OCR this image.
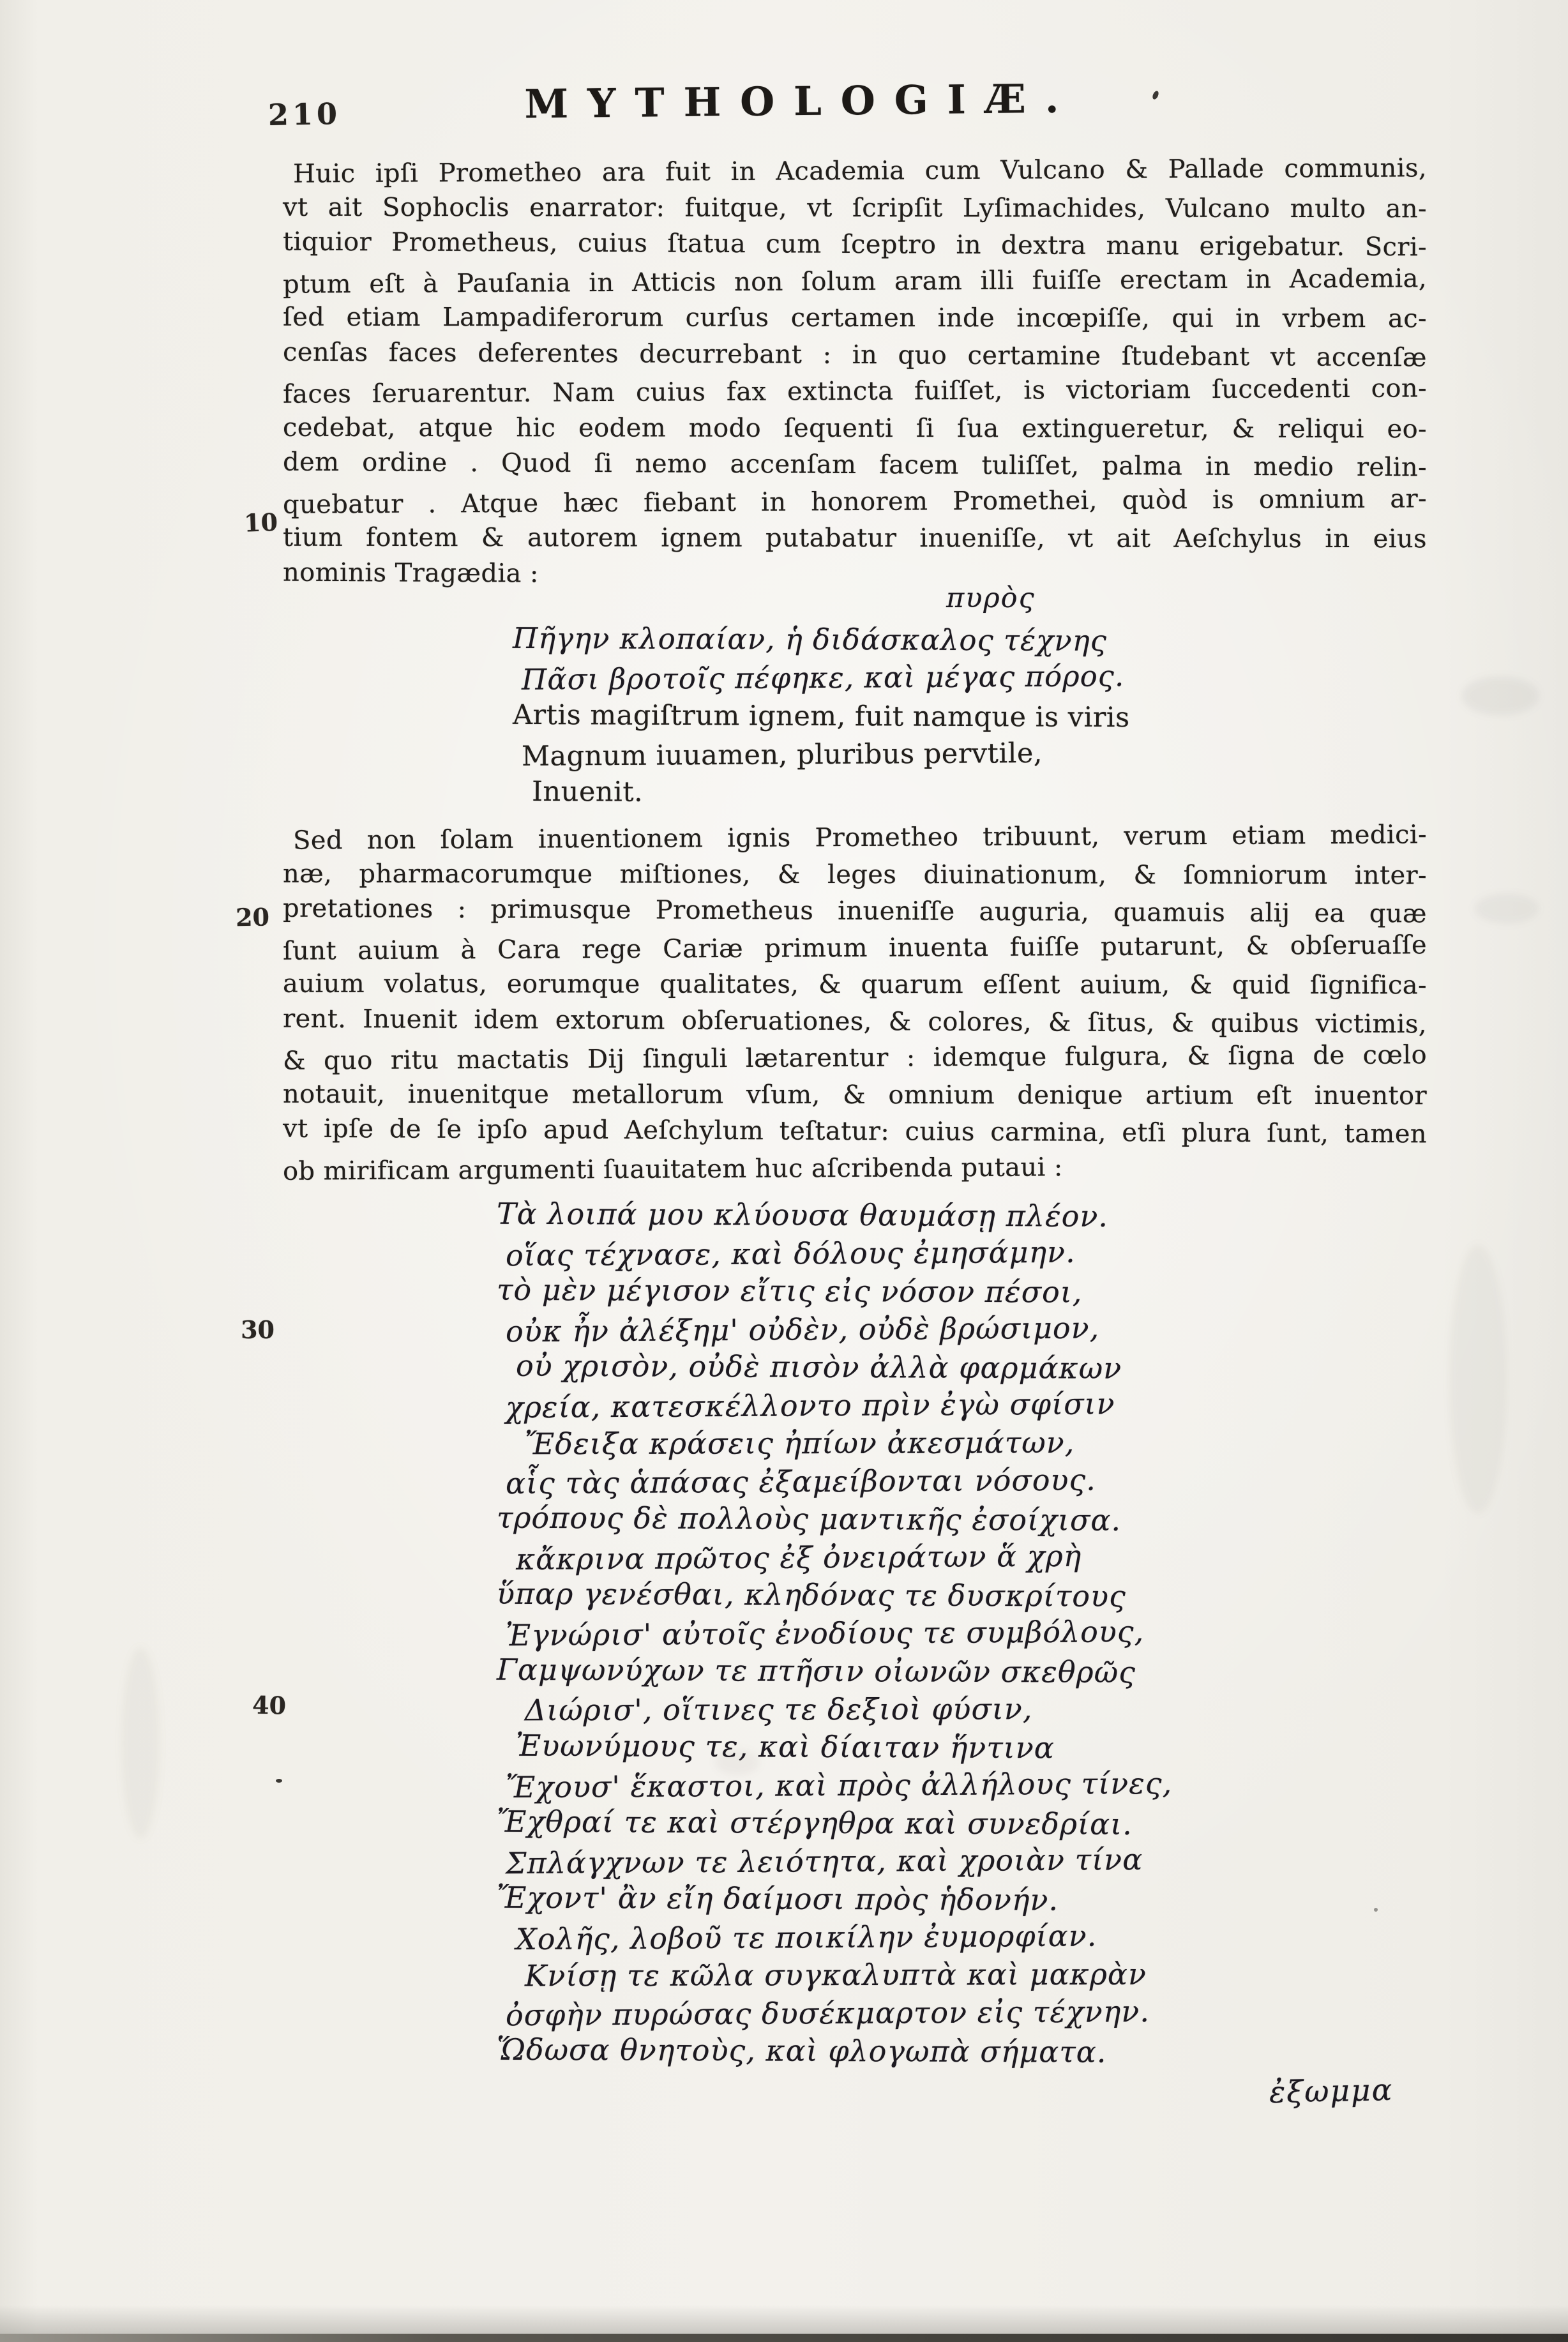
210	MYTHOLOGIÆ.
Huic ipſi Prometheo ara fuit in Academia cum Vulcano & Pallade communis,
vt ait Sophoclis enarrator: fuitque, vt ſcripſit Lyſimachides, Vulcano multo an-
tiquior Prometheus, cuius ſtatua cum ſceptro in dextra manu erigebatur. Scri-
ptum eſt à Pauſania in Atticis non ſolum aram illi fuiſſe erectam in Academia,
ſed etiam Lampadiferorum curſus certamen inde incœpiſſe, qui in vrbem ac-
cenſas faces deferentes decurrebant : in quo certamine ſtudebant vt accenſæ
faces ſeruarentur. Nam cuius fax extincta fuiſſet, is victoriam ſuccedenti con-
cedebat, atque hic eodem modo ſequenti ſi ſua extingueretur, & reliqui eo-
dem ordine . Quod ſi nemo accenſam facem tuliſſet, palma in medio relin-
quebatur . Atque hæc fiebant in honorem Promethei, quòd is omnium ar-
tium fontem & autorem ignem putabatur inueniſſe, vt ait Aeſchylus in eius
nominis Tragædia :
πυρὸς
Πῆγην κλοπαίαν, ἡ διδάσκαλος τέχνης
Πᾶσι βροτοῖς πέφηκε, καὶ μέγας πόρος.
Artis magiſtrum ignem, fuit namque is viris
Magnum iuuamen, pluribus pervtile,
Inuenit.
10
20
30
40
Sed non ſolam inuentionem ignis Prometheo tribuunt, verum etiam medici-
næ, pharmacorumque miſtiones, & leges diuinationum, & ſomniorum inter-
pretationes : primusque Prometheus inueniſſe auguria, quamuis alij ea quæ
ſunt auium à Cara rege Cariæ primum inuenta fuiſſe putarunt, & obſeruaſſe
auium volatus, eorumque qualitates, & quarum eſſent auium, & quid ſignifica-
rent. Inuenit idem extorum obſeruationes, & colores, & ſitus, & quibus victimis,
& quo ritu mactatis Dij ſinguli lætarentur : idemque fulgura, & ſigna de cœlo
notauit, inuenitque metallorum vſum, & omnium denique artium eſt inuentor
vt ipſe de ſe ipſo apud Aeſchylum teſtatur: cuius carmina, etſi plura ſunt, tamen
ob mirificam argumenti ſuauitatem huc aſcribenda putaui :
Τὰ λοιπά μου κλύουσα θαυμάσῃ πλέον.
οἵας τέχνασε, καὶ δόλους ἐμησάμην.
τὸ μὲν μέγισον εἴτις εἰς νόσον πέσοι,
οὐκ ἦν ἀλέξημ' οὐδὲν, οὐδὲ βρώσιμον,
οὐ χρισὸν, οὐδὲ πισὸν ἀλλὰ φαρμάκων
χρεία, κατεσκέλλοντο πρὶν ἐγὼ σφίσιν
Ἔδειξα κράσεις ἠπίων ἀκεσμάτων,
αἷς τὰς ἁπάσας ἐξαμείβονται νόσους.
τρόπους δὲ πολλοὺς μαντικῆς ἐσοίχισα.
κἄκρινα πρῶτος ἐξ ὀνειράτων ἅ χρὴ
ὕπαρ γενέσθαι, κληδόνας τε δυσκρίτους
Ἐγνώρισ' αὐτοῖς ἐνοδίους τε συμβόλους,
Γαμψωνύχων τε πτῆσιν οἰωνῶν σκεθρῶς
Διώρισ', οἵτινες τε δεξιοὶ φύσιν,
Ἐυωνύμους τε, καὶ δίαιταν ἥντινα
Ἔχουσ' ἕκαστοι, καὶ πρὸς ἀλλήλους τίνες,
Ἔχθραί τε καὶ στέργηθρα καὶ συνεδρίαι.
Σπλάγχνων τε λειότητα, καὶ χροιὰν τίνα
Ἔχοντ' ἂν εἴη δαίμοσι πρὸς ἡδονήν.
Χολῆς, λοβοῦ τε ποικίλην ἐυμορφίαν.
Κνίσῃ τε κῶλα συγκαλυπτὰ καὶ μακρὰν
ὀσφὴν πυρώσας δυσέκμαρτον εἰς τέχνην.
Ὥδωσα θνητοὺς, καὶ φλογωπὰ σήματα.
ἐξωμμα
